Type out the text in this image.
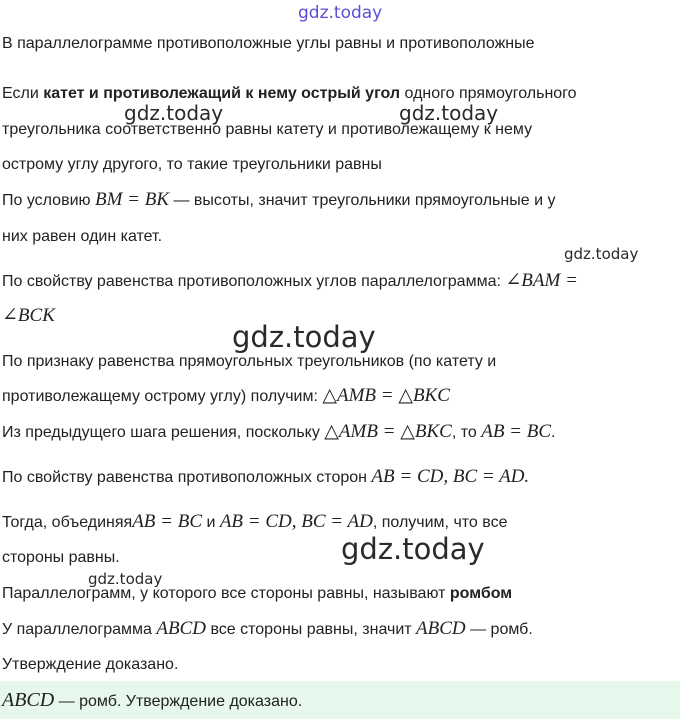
gdz.today
gdz.today	gdz.today
gdz.today
gdz.today
gdz.today
gdz.today
В параллелограмме противоположные углы равны и противоположные
Если катет и противолежащий к нему острый угол одного прямоугольного
треугольника соответственно равны катету и противолежащему к нему
острому углу другого, то такие треугольники равны
По условию BM = BK — высоты, значит треугольники прямоугольные и у
них равен один катет.
По свойству равенства противоположных углов параллелограмма: ∠BAM =
∠BCK
По признаку равенства прямоугольных треугольников (по катету и
противолежащему острому углу) получим: △AMB = △BKC
Из предыдущего шага решения, поскольку △AMB = △BKC, то AB = BC.
По свойству равенства противоположных сторон AB = CD, BC = AD.
Тогда, объединяяAB = BC и AB = CD, BC = AD, получим, что все
стороны равны.
Параллелограмм, у которого все стороны равны, называют ромбом
У параллелограмма ABCD все стороны равны, значит ABCD — ромб.
Утверждение доказано.
ABCD — ромб. Утверждение доказано.
